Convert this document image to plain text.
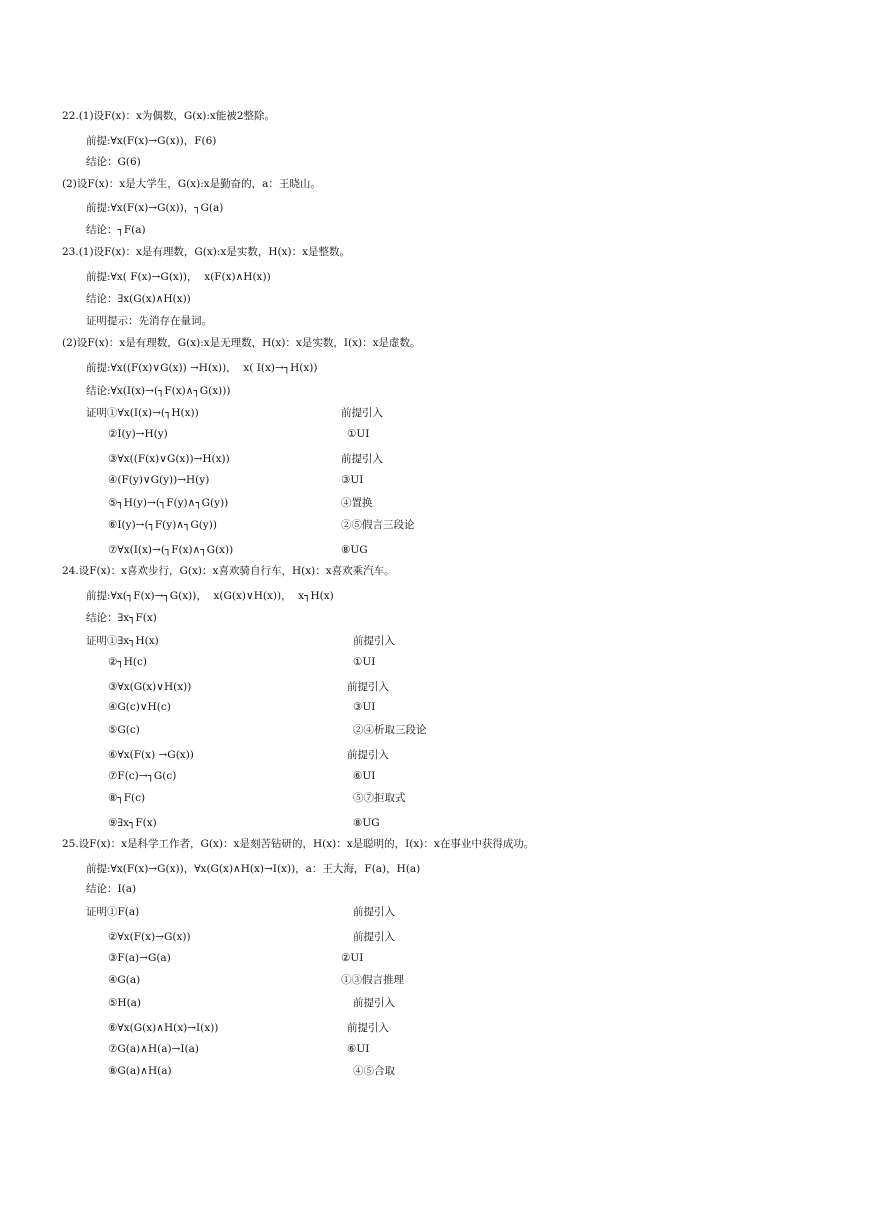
22.(1)设F(x)：x为偶数，G(x):x能被2整除。
前提:∀x(F(x)→G(x))，F(6)
结论：G(6)
(2)设F(x)：x是大学生，G(x):x是勤奋的，a：王晓山。
前提:∀x(F(x)→G(x))，┐G(a)
结论：┐F(a)
23.(1)设F(x)：x是有理数，G(x):x是实数，H(x)：x是整数。
前提:∀x( F(x)→G(x))，  x(F(x)∧H(x))
结论：∃x(G(x)∧H(x))
证明提示：先消存在量词。
(2)设F(x)：x是有理数，G(x):x是无理数，H(x)：x是实数，I(x)：x是虚数。
前提:∀x((F(x)∨G(x)) →H(x))，  x( I(x)→┐H(x))
结论:∀x(I(x)→(┐F(x)∧┐G(x)))
证明①∀x(I(x)→(┐H(x))	前提引入
②I(y)→H(y)	①UI
③∀x((F(x)∨G(x))→H(x))	前提引入
④(F(y)∨G(y))→H(y)	③UI
⑤┐H(y)→(┐F(y)∧┐G(y))	④置换
⑥I(y)→(┐F(y)∧┐G(y))	②⑤假言三段论
⑦∀x(I(x)→(┐F(x)∧┐G(x))	⑧UG
24.设F(x)：x喜欢步行，G(x)：x喜欢骑自行车，H(x)：x喜欢乘汽车。
前提:∀x(┐F(x)→┐G(x))，  x(G(x)∨H(x))，  x┐H(x)
结论：∃x┐F(x)
证明①∃x┐H(x)	前提引入
②┐H(c)	①UI
③∀x(G(x)∨H(x))	前提引入
④G(c)∨H(c)	③UI
⑤G(c)	②④析取三段论
⑥∀x(F(x) →G(x))	前提引入
⑦F(c)→┐G(c)	⑥UI
⑧┐F(c)	⑤⑦拒取式
⑨∃x┐F(x)	⑧UG
25.设F(x)：x是科学工作者，G(x)：x是刻苦钻研的，H(x)：x是聪明的，I(x)：x在事业中获得成功。
前提:∀x(F(x)→G(x))，∀x(G(x)∧H(x)→I(x))，a：王大海，F(a)，H(a)
结论：I(a)
证明①F(a)	前提引入
②∀x(F(x)→G(x))	前提引入
③F(a)→G(a)	②UI
④G(a)	①③假言推理
⑤H(a)	前提引入
⑥∀x(G(x)∧H(x)→I(x))	前提引入
⑦G(a)∧H(a)→I(a)	⑥UI
⑧G(a)∧H(a)	④⑤合取
